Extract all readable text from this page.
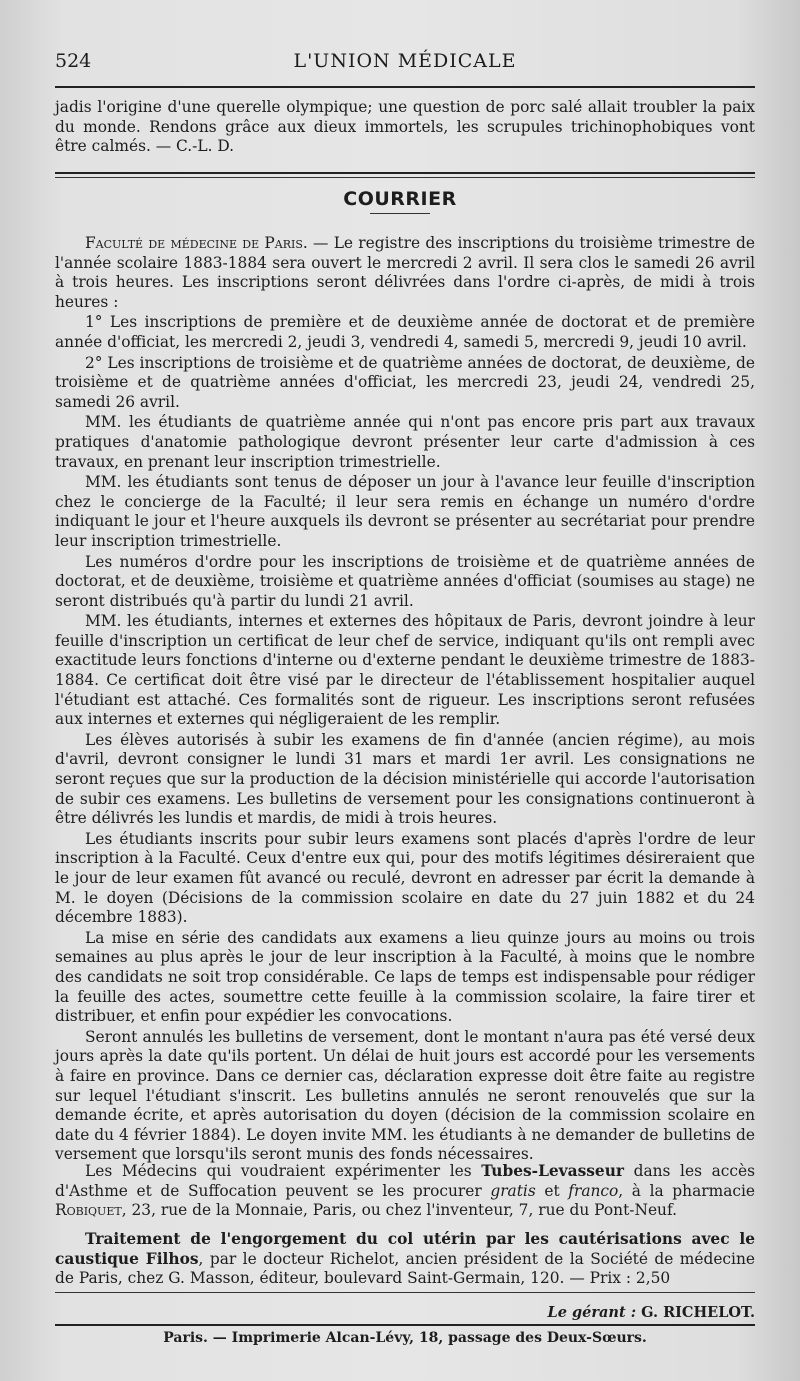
524	L'UNION MÉDICALE

jadis l'origine d'une querelle olympique; une question de porc salé allait troubler la paix du monde. Rendons grâce aux dieux immortels, les scrupules trichinophobiques vont être calmés. — C.-L. D.

COURRIER

Faculté de médecine de Paris. — Le registre des inscriptions du troisième trimestre de l'année scolaire 1883-1884 sera ouvert le mercredi 2 avril. Il sera clos le samedi 26 avril à trois heures. Les inscriptions seront délivrées dans l'ordre ci-après, de midi à trois heures :

1° Les inscriptions de première et de deuxième année de doctorat et de première année d'officiat, les mercredi 2, jeudi 3, vendredi 4, samedi 5, mercredi 9, jeudi 10 avril.

2° Les inscriptions de troisième et de quatrième années de doctorat, de deuxième, de troisième et de quatrième années d'officiat, les mercredi 23, jeudi 24, vendredi 25, samedi 26 avril.

MM. les étudiants de quatrième année qui n'ont pas encore pris part aux travaux pratiques d'anatomie pathologique devront présenter leur carte d'admission à ces travaux, en prenant leur inscription trimestrielle.

MM. les étudiants sont tenus de déposer un jour à l'avance leur feuille d'inscription chez le concierge de la Faculté; il leur sera remis en échange un numéro d'ordre indiquant le jour et l'heure auxquels ils devront se présenter au secrétariat pour prendre leur inscription trimestrielle.

Les numéros d'ordre pour les inscriptions de troisième et de quatrième années de doctorat, et de deuxième, troisième et quatrième années d'officiat (soumises au stage) ne seront distribués qu'à partir du lundi 21 avril.

MM. les étudiants, internes et externes des hôpitaux de Paris, devront joindre à leur feuille d'inscription un certificat de leur chef de service, indiquant qu'ils ont rempli avec exactitude leurs fonctions d'interne ou d'externe pendant le deuxième trimestre de 1883-1884. Ce certificat doit être visé par le directeur de l'établissement hospitalier auquel l'étudiant est attaché. Ces formalités sont de rigueur. Les inscriptions seront refusées aux internes et externes qui négligeraient de les remplir.

Les élèves autorisés à subir les examens de fin d'année (ancien régime), au mois d'avril, devront consigner le lundi 31 mars et mardi 1er avril. Les consignations ne seront reçues que sur la production de la décision ministérielle qui accorde l'autorisation de subir ces examens. Les bulletins de versement pour les consignations continueront à être délivrés les lundis et mardis, de midi à trois heures.

Les étudiants inscrits pour subir leurs examens sont placés d'après l'ordre de leur inscription à la Faculté. Ceux d'entre eux qui, pour des motifs légitimes désireraient que le jour de leur examen fût avancé ou reculé, devront en adresser par écrit la demande à M. le doyen (Décisions de la commission scolaire en date du 27 juin 1882 et du 24 décembre 1883).

La mise en série des candidats aux examens a lieu quinze jours au moins ou trois semaines au plus après le jour de leur inscription à la Faculté, à moins que le nombre des candidats ne soit trop considérable. Ce laps de temps est indispensable pour rédiger la feuille des actes, soumettre cette feuille à la commission scolaire, la faire tirer et distribuer, et enfin pour expédier les convocations.

Seront annulés les bulletins de versement, dont le montant n'aura pas été versé deux jours après la date qu'ils portent. Un délai de huit jours est accordé pour les versements à faire en province. Dans ce dernier cas, déclaration expresse doit être faite au registre sur lequel l'étudiant s'inscrit. Les bulletins annulés ne seront renouvelés que sur la demande écrite, et après autorisation du doyen (décision de la commission scolaire en date du 4 février 1884). Le doyen invite MM. les étudiants à ne demander de bulletins de versement que lorsqu'ils seront munis des fonds nécessaires.

Les Médecins qui voudraient expérimenter les Tubes-Levasseur dans les accès d'Asthme et de Suffocation peuvent se les procurer gratis et franco, à la pharmacie Robiquet, 23, rue de la Monnaie, Paris, ou chez l'inventeur, 7, rue du Pont-Neuf.

Traitement de l'engorgement du col utérin par les cautérisations avec le caustique Filhos, par le docteur Richelot, ancien président de la Société de médecine de Paris, chez G. Masson, éditeur, boulevard Saint-Germain, 120. — Prix : 2,50

Le gérant : G. RICHELOT.
Paris. — Imprimerie Alcan-Lévy, 18, passage des Deux-Sœurs.
